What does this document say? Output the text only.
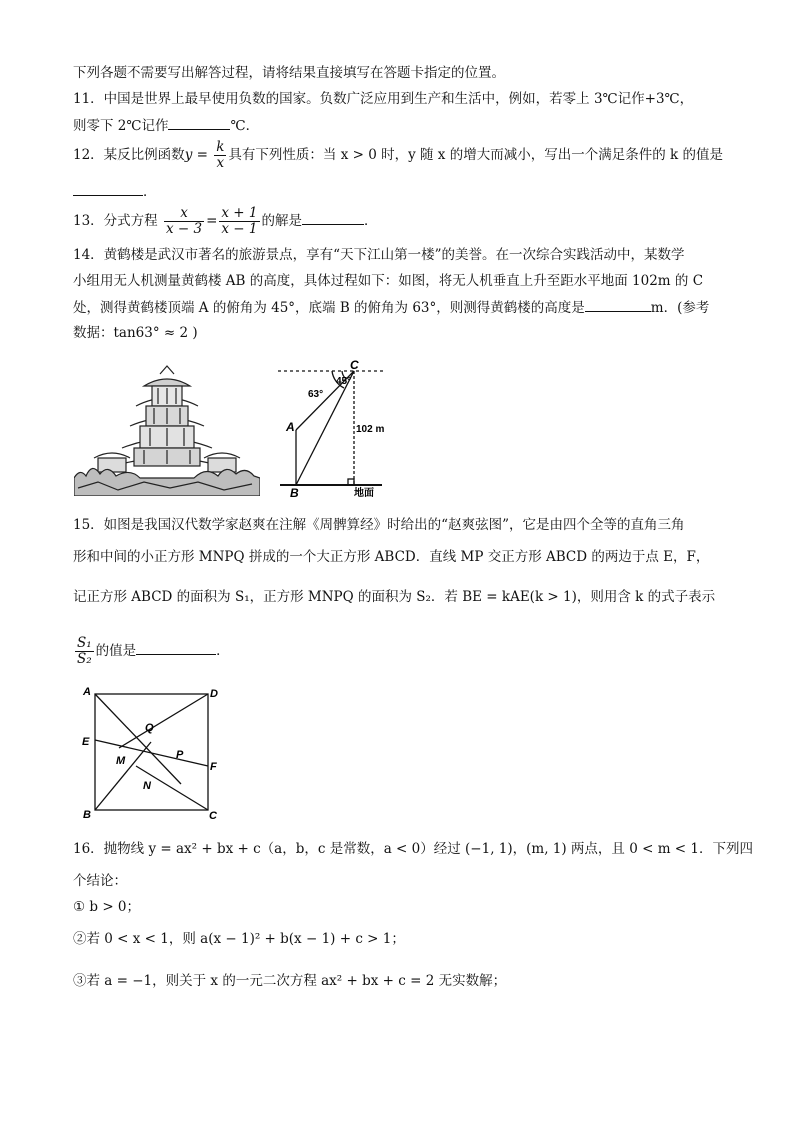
下列各题不需要写出解答过程，请将结果直接填写在答题卡指定的位置。
11．中国是世界上最早使用负数的国家。负数广泛应用到生产和生活中，例如，若零上 3℃记作+3℃，
则零下 2℃记作	℃．
12．某反比例函数$y = \frac{k}{x}$ 具有下列性质：当 x > 0 时，y 随 x 的增大而减小，写出一个满足条件的 k 的值是
．
13．分式方程 $\frac{x}{x - 3} = \frac{x + 1}{x - 1}$ 的解是	．
14．黄鹤楼是武汉市著名的旅游景点，享有“天下江山第一楼”的美誉。在一次综合实践活动中，某数学
小组用无人机测量黄鹤楼 AB 的高度，具体过程如下：如图，将无人机垂直上升至距水平地面 102m 的 C
处，测得黄鹤楼顶端 A 的俯角为 45°，底端 B 的俯角为 63°，则测得黄鹤楼的高度是	m．(参考
数据：tan63° ≈ 2 )
C
A
B
45°
63°
102 m
地面
15．如图是我国汉代数学家赵爽在注解《周髀算经》时给出的“赵爽弦图”，它是由四个全等的直角三角
形和中间的小正方形 MNPQ 拼成的一个大正方形 ABCD．直线 MP 交正方形 ABCD 的两边于点 E，F，
记正方形 ABCD 的面积为 S₁，正方形 MNPQ 的面积为 S₂．若 BE = kAE(k > 1)，则用含 k 的式子表示
$\frac{\text{S₁}}{\text{S₂}}$ 的值是	．
A	D
B	C
E
F
M
N
P
Q
16．抛物线 y = ax² + bx + c（a，b，c 是常数，a < 0）经过 (−1, 1)，(m, 1) 两点，且 0 < m < 1．下列四
个结论：
① b > 0；
②若 0 < x < 1，则 a(x − 1)² + b(x − 1) + c > 1；
③若 a = −1，则关于 x 的一元二次方程 ax² + bx + c = 2 无实数解；
